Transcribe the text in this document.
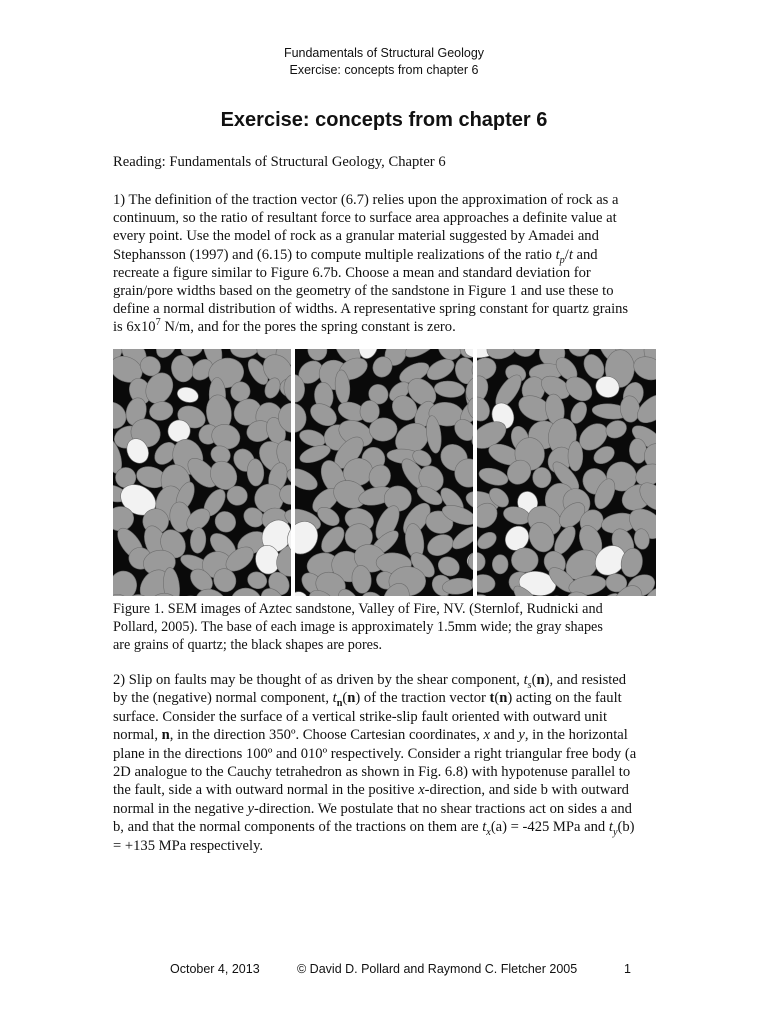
Fundamentals of Structural Geology
Exercise: concepts from chapter 6
Exercise: concepts from chapter 6
Reading: Fundamentals of Structural Geology, Chapter 6
1) The definition of the traction vector (6.7) relies upon the approximation of rock as a
continuum, so the ratio of resultant force to surface area approaches a definite value at
every point. Use the model of rock as a granular material suggested by Amadei and
Stephansson (1997) and (6.15) to compute multiple realizations of the ratio $t_p/t$ and
recreate a figure similar to Figure 6.7b. Choose a mean and standard deviation for
grain/pore widths based on the geometry of the sandstone in Figure 1 and use these to
define a normal distribution of widths. A representative spring constant for quartz grains
is $6x10^7$ N/m, and for the pores the spring constant is zero.
Figure 1. SEM images of Aztec sandstone, Valley of Fire, NV. (Sternlof, Rudnicki and
Pollard, 2005). The base of each image is approximately 1.5mm wide; the gray shapes
are grains of quartz; the black shapes are pores.
2) Slip on faults may be thought of as driven by the shear component, $t_s(n)$, and resisted
by the (negative) normal component, $t_n(n)$ of the traction vector t(n) acting on the fault
surface. Consider the surface of a vertical strike-slip fault oriented with outward unit
normal, n, in the direction 350º. Choose Cartesian coordinates, x and y, in the horizontal
plane in the directions 100º and 010º respectively. Consider a right triangular free body (a
2D analogue to the Cauchy tetrahedron as shown in Fig. 6.8) with hypotenuse parallel to
the fault, side a with outward normal in the positive x-direction, and side b with outward
normal in the negative y-direction. We postulate that no shear tractions act on sides a and
b, and that the normal components of the tractions on them are $t_x(a) = -425$ MPa and $t_y(b)$
= +135 MPa respectively.
October 4, 2013	© David D. Pollard and Raymond C. Fletcher 2005	1
